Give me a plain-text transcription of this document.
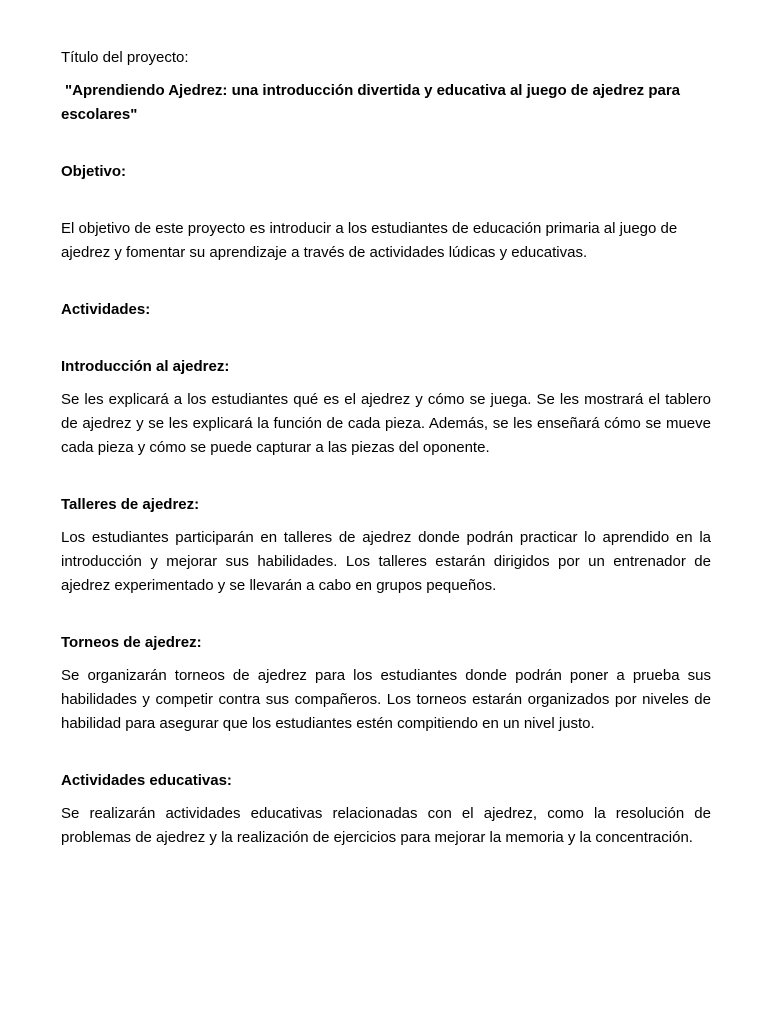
Título del proyecto:

"Aprendiendo Ajedrez: una introducción divertida y educativa al juego de ajedrez para escolares"

Objetivo:

El objetivo de este proyecto es introducir a los estudiantes de educación primaria al juego de ajedrez y fomentar su aprendizaje a través de actividades lúdicas y educativas.

Actividades:

Introducción al ajedrez:

Se les explicará a los estudiantes qué es el ajedrez y cómo se juega. Se les mostrará el tablero de ajedrez y se les explicará la función de cada pieza. Además, se les enseñará cómo se mueve cada pieza y cómo se puede capturar a las piezas del oponente.

Talleres de ajedrez:

Los estudiantes participarán en talleres de ajedrez donde podrán practicar lo aprendido en la introducción y mejorar sus habilidades. Los talleres estarán dirigidos por un entrenador de ajedrez experimentado y se llevarán a cabo en grupos pequeños.

Torneos de ajedrez:

Se organizarán torneos de ajedrez para los estudiantes donde podrán poner a prueba sus habilidades y competir contra sus compañeros. Los torneos estarán organizados por niveles de habilidad para asegurar que los estudiantes estén compitiendo en un nivel justo.

Actividades educativas:

Se realizarán actividades educativas relacionadas con el ajedrez, como la resolución de problemas de ajedrez y la realización de ejercicios para mejorar la memoria y la concentración.
